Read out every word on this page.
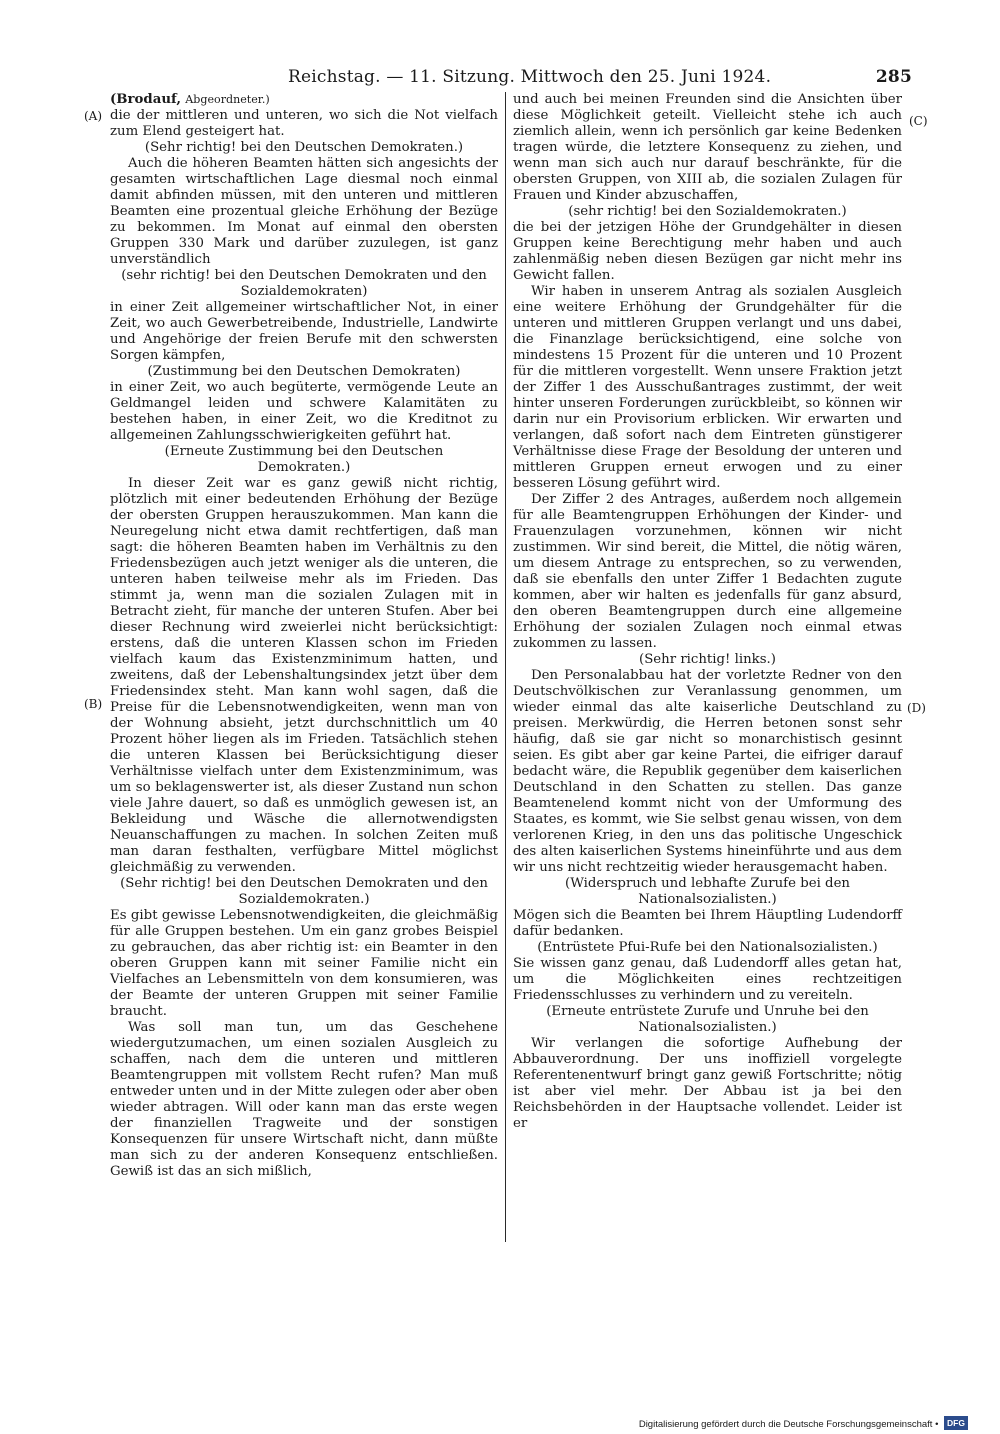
Reichstag. — 11. Sitzung. Mittwoch den 25. Juni 1924.	285
(A)
(B)
(C)
(D)

(Brodauf, Abgeordneter.)

die der mittleren und unteren, wo sich die Not vielfach zum Elend gesteigert hat.

(Sehr richtig! bei den Deutschen Demokraten.)

Auch die höheren Beamten hätten sich angesichts der gesamten wirtschaftlichen Lage diesmal noch einmal damit abfinden müssen, mit den unteren und mittleren Beamten eine prozentual gleiche Erhöhung der Bezüge zu bekommen. Im Monat auf einmal den obersten Gruppen 330 Mark und darüber zuzulegen, ist ganz unverständlich

(sehr richtig! bei den Deutschen Demokraten und den Sozialdemokraten)

in einer Zeit allgemeiner wirtschaftlicher Not, in einer Zeit, wo auch Gewerbetreibende, Industrielle, Landwirte und Angehörige der freien Berufe mit den schwersten Sorgen kämpfen,

(Zustimmung bei den Deutschen Demokraten)

in einer Zeit, wo auch begüterte, vermögende Leute an Geldmangel leiden und schwere Kalamitäten zu bestehen haben, in einer Zeit, wo die Kreditnot zu allgemeinen Zahlungsschwierigkeiten geführt hat.

(Erneute Zustimmung bei den Deutschen Demokraten.)

In dieser Zeit war es ganz gewiß nicht richtig, plötzlich mit einer bedeutenden Erhöhung der Bezüge der obersten Gruppen herauszukommen. Man kann die Neuregelung nicht etwa damit rechtfertigen, daß man sagt: die höheren Beamten haben im Verhältnis zu den Friedensbezügen auch jetzt weniger als die unteren, die unteren haben teilweise mehr als im Frieden. Das stimmt ja, wenn man die sozialen Zulagen mit in Betracht zieht, für manche der unteren Stufen. Aber bei dieser Rechnung wird zweierlei nicht berücksichtigt: erstens, daß die unteren Klassen schon im Frieden vielfach kaum das Existenzminimum hatten, und zweitens, daß der Lebenshaltungsindex jetzt über dem Friedensindex steht. Man kann wohl sagen, daß die Preise für die Lebensnotwendigkeiten, wenn man von der Wohnung absieht, jetzt durchschnittlich um 40 Prozent höher liegen als im Frieden. Tatsächlich stehen die unteren Klassen bei Berücksichtigung dieser Verhältnisse vielfach unter dem Existenzminimum, was um so beklagenswerter ist, als dieser Zustand nun schon viele Jahre dauert, so daß es unmöglich gewesen ist, an Bekleidung und Wäsche die allernotwendigsten Neuanschaffungen zu machen. In solchen Zeiten muß man daran festhalten, verfügbare Mittel möglichst gleichmäßig zu verwenden.

(Sehr richtig! bei den Deutschen Demokraten und den Sozialdemokraten.)

Es gibt gewisse Lebensnotwendigkeiten, die gleichmäßig für alle Gruppen bestehen. Um ein ganz grobes Beispiel zu gebrauchen, das aber richtig ist: ein Beamter in den oberen Gruppen kann mit seiner Familie nicht ein Vielfaches an Lebensmitteln von dem konsumieren, was der Beamte der unteren Gruppen mit seiner Familie braucht.

Was soll man tun, um das Geschehene wiedergutzumachen, um einen sozialen Ausgleich zu schaffen, nach dem die unteren und mittleren Beamtengruppen mit vollstem Recht rufen? Man muß entweder unten und in der Mitte zulegen oder aber oben wieder abtragen. Will oder kann man das erste wegen der finanziellen Tragweite und der sonstigen Konsequenzen für unsere Wirtschaft nicht, dann müßte man sich zu der anderen Konsequenz entschließen. Gewiß ist das an sich mißlich,

und auch bei meinen Freunden sind die Ansichten über diese Möglichkeit geteilt. Vielleicht stehe ich auch ziemlich allein, wenn ich persönlich gar keine Bedenken tragen würde, die letztere Konsequenz zu ziehen, und wenn man sich auch nur darauf beschränkte, für die obersten Gruppen, von XIII ab, die sozialen Zulagen für Frauen und Kinder abzuschaffen,

(sehr richtig! bei den Sozialdemokraten.)

die bei der jetzigen Höhe der Grundgehälter in diesen Gruppen keine Berechtigung mehr haben und auch zahlenmäßig neben diesen Bezügen gar nicht mehr ins Gewicht fallen.

Wir haben in unserem Antrag als sozialen Ausgleich eine weitere Erhöhung der Grundgehälter für die unteren und mittleren Gruppen verlangt und uns dabei, die Finanzlage berücksichtigend, eine solche von mindestens 15 Prozent für die unteren und 10 Prozent für die mittleren vorgestellt. Wenn unsere Fraktion jetzt der Ziffer 1 des Ausschußantrages zustimmt, der weit hinter unseren Forderungen zurückbleibt, so können wir darin nur ein Provisorium erblicken. Wir erwarten und verlangen, daß sofort nach dem Eintreten günstigerer Verhältnisse diese Frage der Besoldung der unteren und mittleren Gruppen erneut erwogen und zu einer besseren Lösung geführt wird.

Der Ziffer 2 des Antrages, außerdem noch allgemein für alle Beamtengruppen Erhöhungen der Kinder- und Frauenzulagen vorzunehmen, können wir nicht zustimmen. Wir sind bereit, die Mittel, die nötig wären, um diesem Antrage zu entsprechen, so zu verwenden, daß sie ebenfalls den unter Ziffer 1 Bedachten zugute kommen, aber wir halten es jedenfalls für ganz absurd, den oberen Beamtengruppen durch eine allgemeine Erhöhung der sozialen Zulagen noch einmal etwas zukommen zu lassen.

(Sehr richtig! links.)

Den Personalabbau hat der vorletzte Redner von den Deutschvölkischen zur Veranlassung genommen, um wieder einmal das alte kaiserliche Deutschland zu preisen. Merkwürdig, die Herren betonen sonst sehr häufig, daß sie gar nicht so monarchistisch gesinnt seien. Es gibt aber gar keine Partei, die eifriger darauf bedacht wäre, die Republik gegenüber dem kaiserlichen Deutschland in den Schatten zu stellen. Das ganze Beamtenelend kommt nicht von der Umformung des Staates, es kommt, wie Sie selbst genau wissen, von dem verlorenen Krieg, in den uns das politische Ungeschick des alten kaiserlichen Systems hineinführte und aus dem wir uns nicht rechtzeitig wieder herausgemacht haben.

(Widerspruch und lebhafte Zurufe bei den Nationalsozialisten.)

Mögen sich die Beamten bei Ihrem Häuptling Ludendorff dafür bedanken.

(Entrüstete Pfui-Rufe bei den Nationalsozialisten.)

Sie wissen ganz genau, daß Ludendorff alles getan hat, um die Möglichkeiten eines rechtzeitigen Friedensschlusses zu verhindern und zu vereiteln.

(Erneute entrüstete Zurufe und Unruhe bei den Nationalsozialisten.)

Wir verlangen die sofortige Aufhebung der Abbauverordnung. Der uns inoffiziell vorgelegte Referentenentwurf bringt ganz gewiß Fortschritte; nötig ist aber viel mehr. Der Abbau ist ja bei den Reichsbehörden in der Hauptsache vollendet. Leider ist er

Digitalisierung gefördert durch die Deutsche Forschungsgemeinschaft • DFG
